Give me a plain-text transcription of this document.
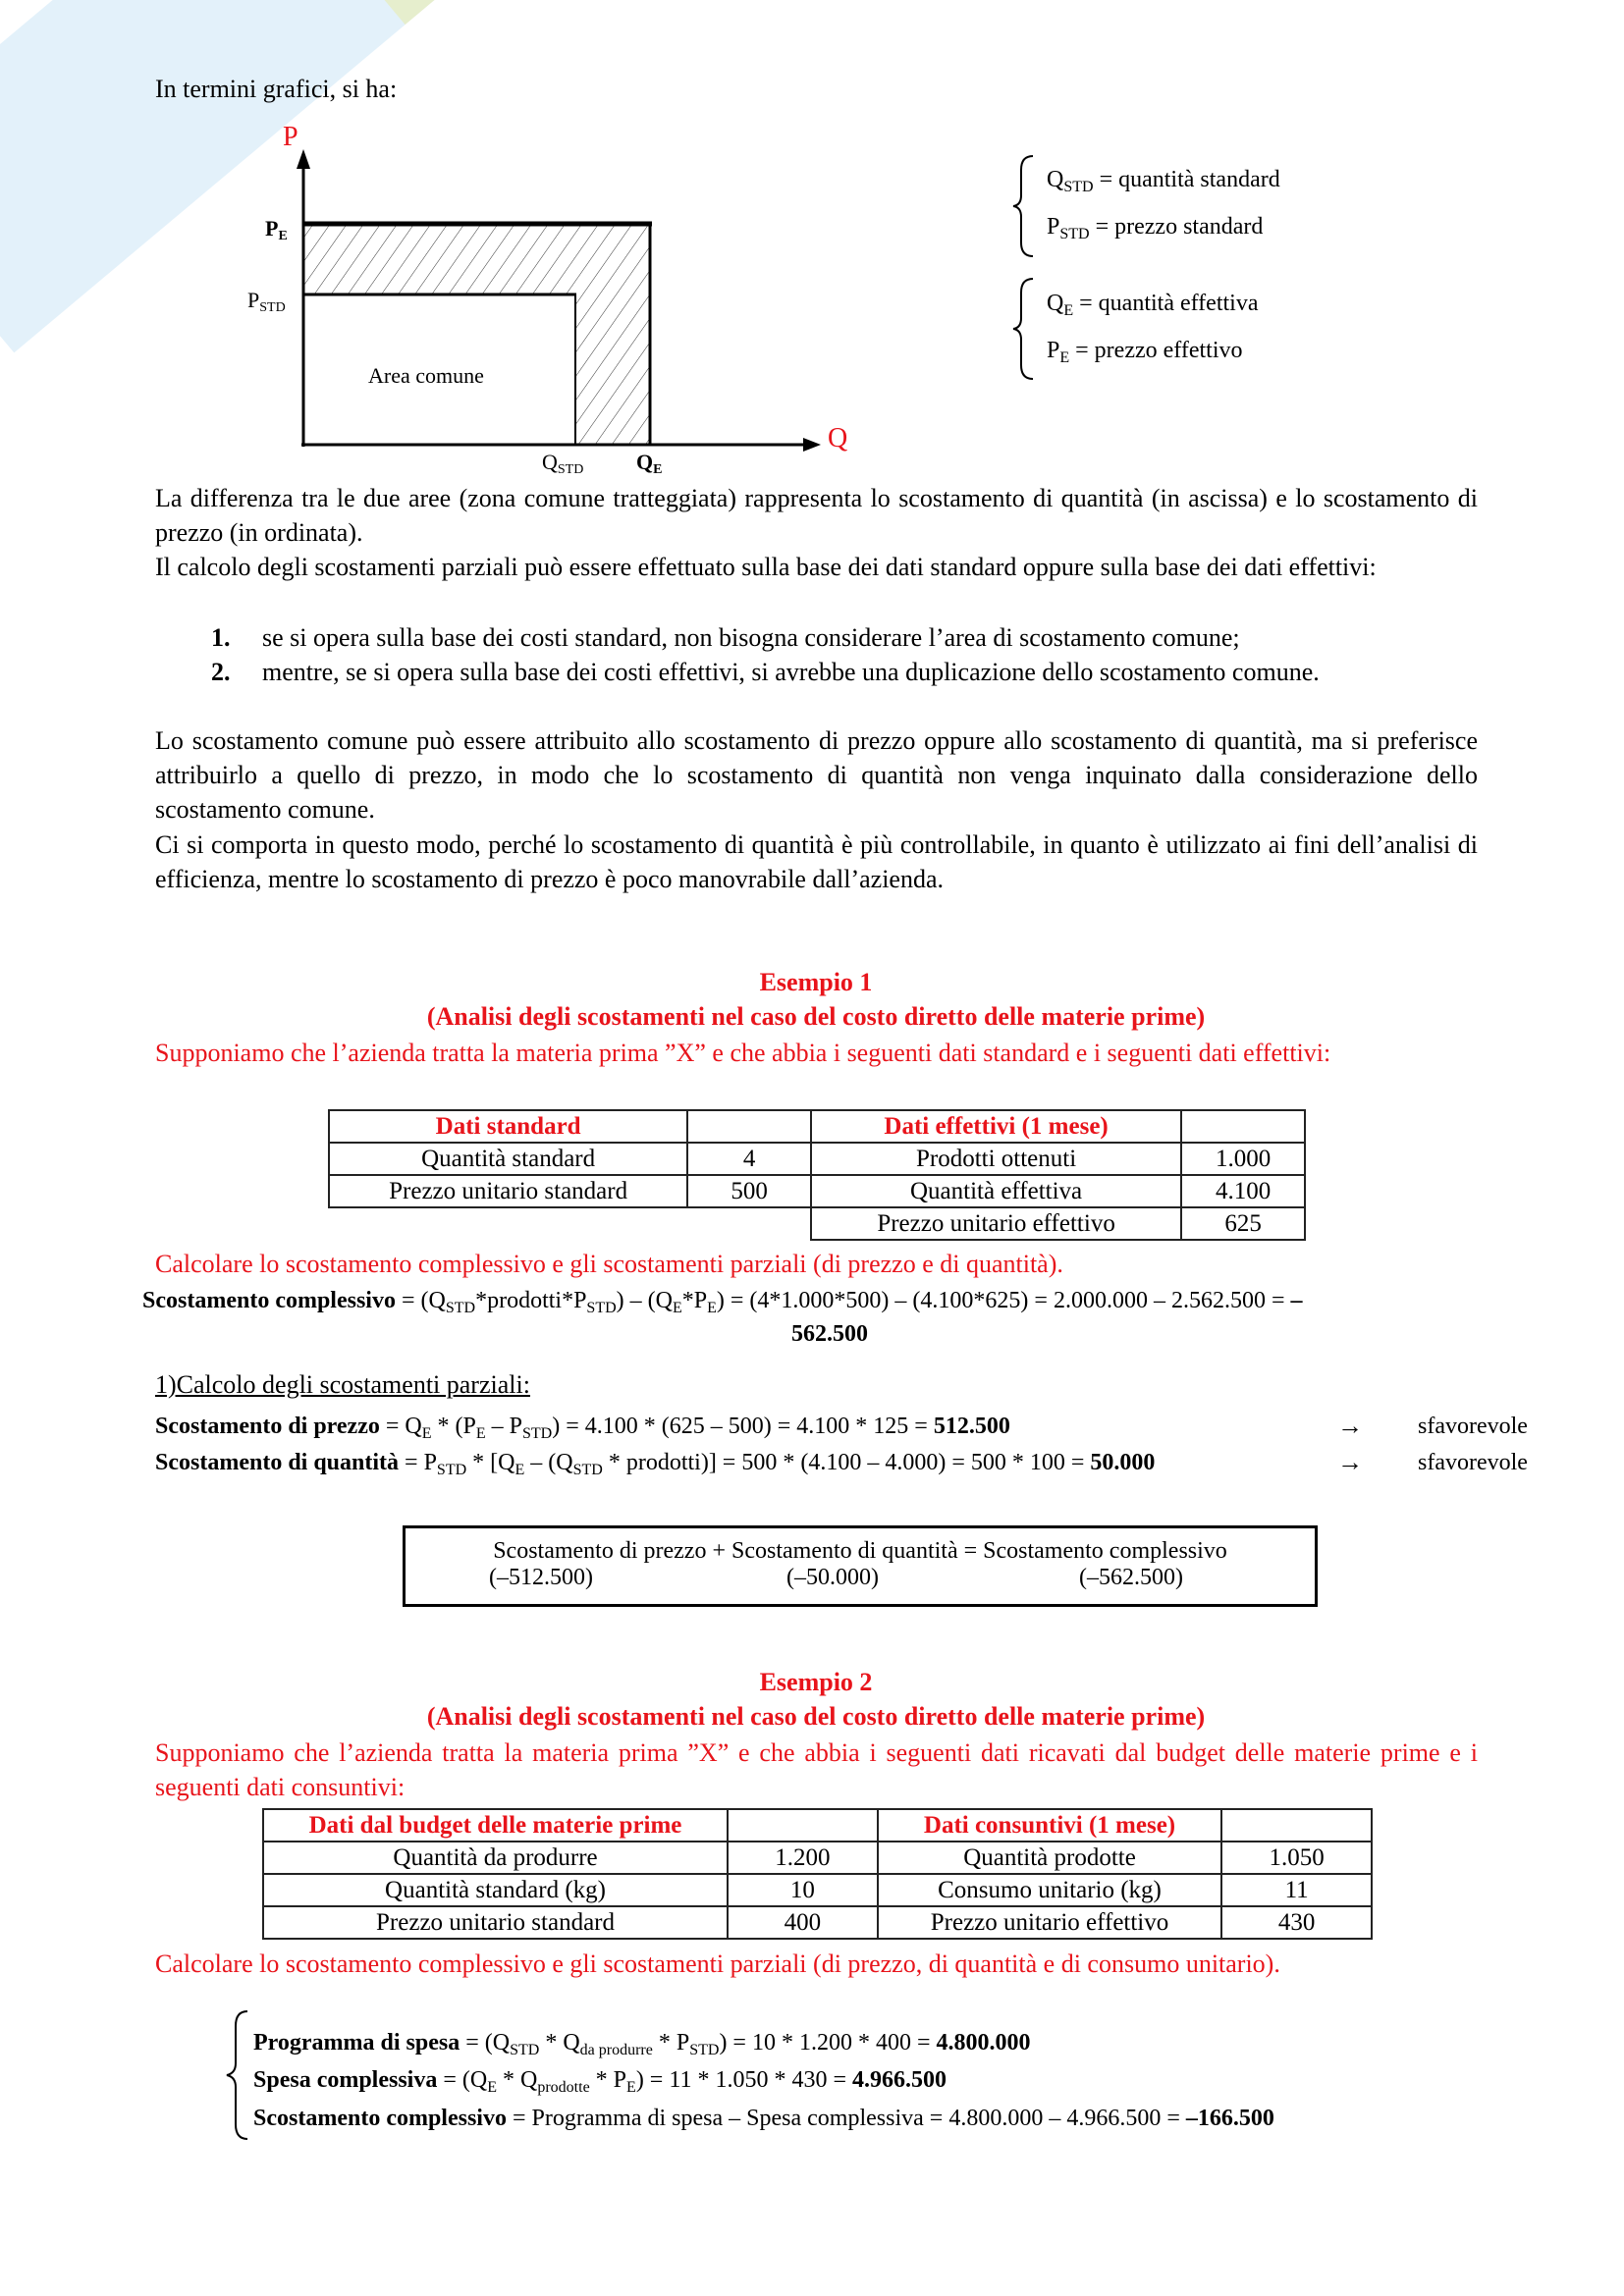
In termini grafici, si ha:
P
Q
PE
PSTD
QSTD QE
Area comune
$Q_{STD}$ = quantità standard
$P_{STD}$ = prezzo standard
$Q_E$ = quantità effettiva
$P_E$ = prezzo effettivo
La differenza tra le due aree (zona comune tratteggiata) rappresenta lo scostamento di quantità (in ascissa) e lo scostamento di prezzo (in ordinata).
Il calcolo degli scostamenti parziali può essere effettuato sulla base dei dati standard oppure sulla base dei dati effettivi:
1. se si opera sulla base dei costi standard, non bisogna considerare l’area di scostamento comune;
2. mentre, se si opera sulla base dei costi effettivi, si avrebbe una duplicazione dello scostamento comune.
Lo scostamento comune può essere attribuito allo scostamento di prezzo oppure allo scostamento di quantità, ma si preferisce attribuirlo a quello di prezzo, in modo che lo scostamento di quantità non venga inquinato dalla considerazione dello scostamento comune.
Ci si comporta in questo modo, perché lo scostamento di quantità è più controllabile, in quanto è utilizzato ai fini dell’analisi di efficienza, mentre lo scostamento di prezzo è poco manovrabile dall’azienda.
Esempio 1
(Analisi degli scostamenti nel caso del costo diretto delle materie prime)
Supponiamo che l’azienda tratta la materia prima ”X” e che abbia i seguenti dati standard e i seguenti dati effettivi:
Dati standard		Dati effettivi (1 mese)	
Quantità standard	4	Prodotti ottenuti	1.000
Prezzo unitario standard	500	Quantità effettiva	4.100
		Prezzo unitario effettivo	625
Calcolare lo scostamento complessivo e gli scostamenti parziali (di prezzo e di quantità).
Scostamento complessivo = $(Q_{STD}*prodotti*P_{STD}) - (Q_E*P_E) = (4*1.000*500) - (4.100*625) = 2.000.000 - 2.562.500$ = –
562.500
1)Calcolo degli scostamenti parziali:
Scostamento di prezzo = $Q_E * (P_E - P_{STD}) = 4.100 * (625 - 500) = 4.100 * 125 = 512.500$
Scostamento di quantità = $P_{STD} * [Q_E - (Q_{STD}$ * prodotti)] = 500 * (4.100 – 4.000) = 500 * 100 = 50.000
→
→
sfavorevole
sfavorevole
Scostamento di prezzo + Scostamento di quantità = Scostamento complessivo
(–512.500)	(–50.000)	(–562.500)
Esempio 2
(Analisi degli scostamenti nel caso del costo diretto delle materie prime)
Supponiamo che l’azienda tratta la materia prima ”X” e che abbia i seguenti dati ricavati dal budget delle materie prime e i seguenti dati consuntivi:
Dati dal budget delle materie prime		Dati consuntivi (1 mese)	
Quantità da produrre	1.200	Quantità prodotte	1.050
Quantità standard (kg)	10	Consumo unitario (kg)	11
Prezzo unitario standard	400	Prezzo unitario effettivo	430
Calcolare lo scostamento complessivo e gli scostamenti parziali (di prezzo, di quantità e di consumo unitario).
Programma di spesa = $(Q_{STD} * Q_{da produrre} * P_{STD}) = 10 * 1.200 * 400 = 4.800.000$
Spesa complessiva = $(Q_E * Q_{prodotte} * P_E) = 11 * 1.050 * 430 = 4.966.500$
Scostamento complessivo = Programma di spesa – Spesa complessiva = 4.800.000 – 4.966.500 = –166.500
